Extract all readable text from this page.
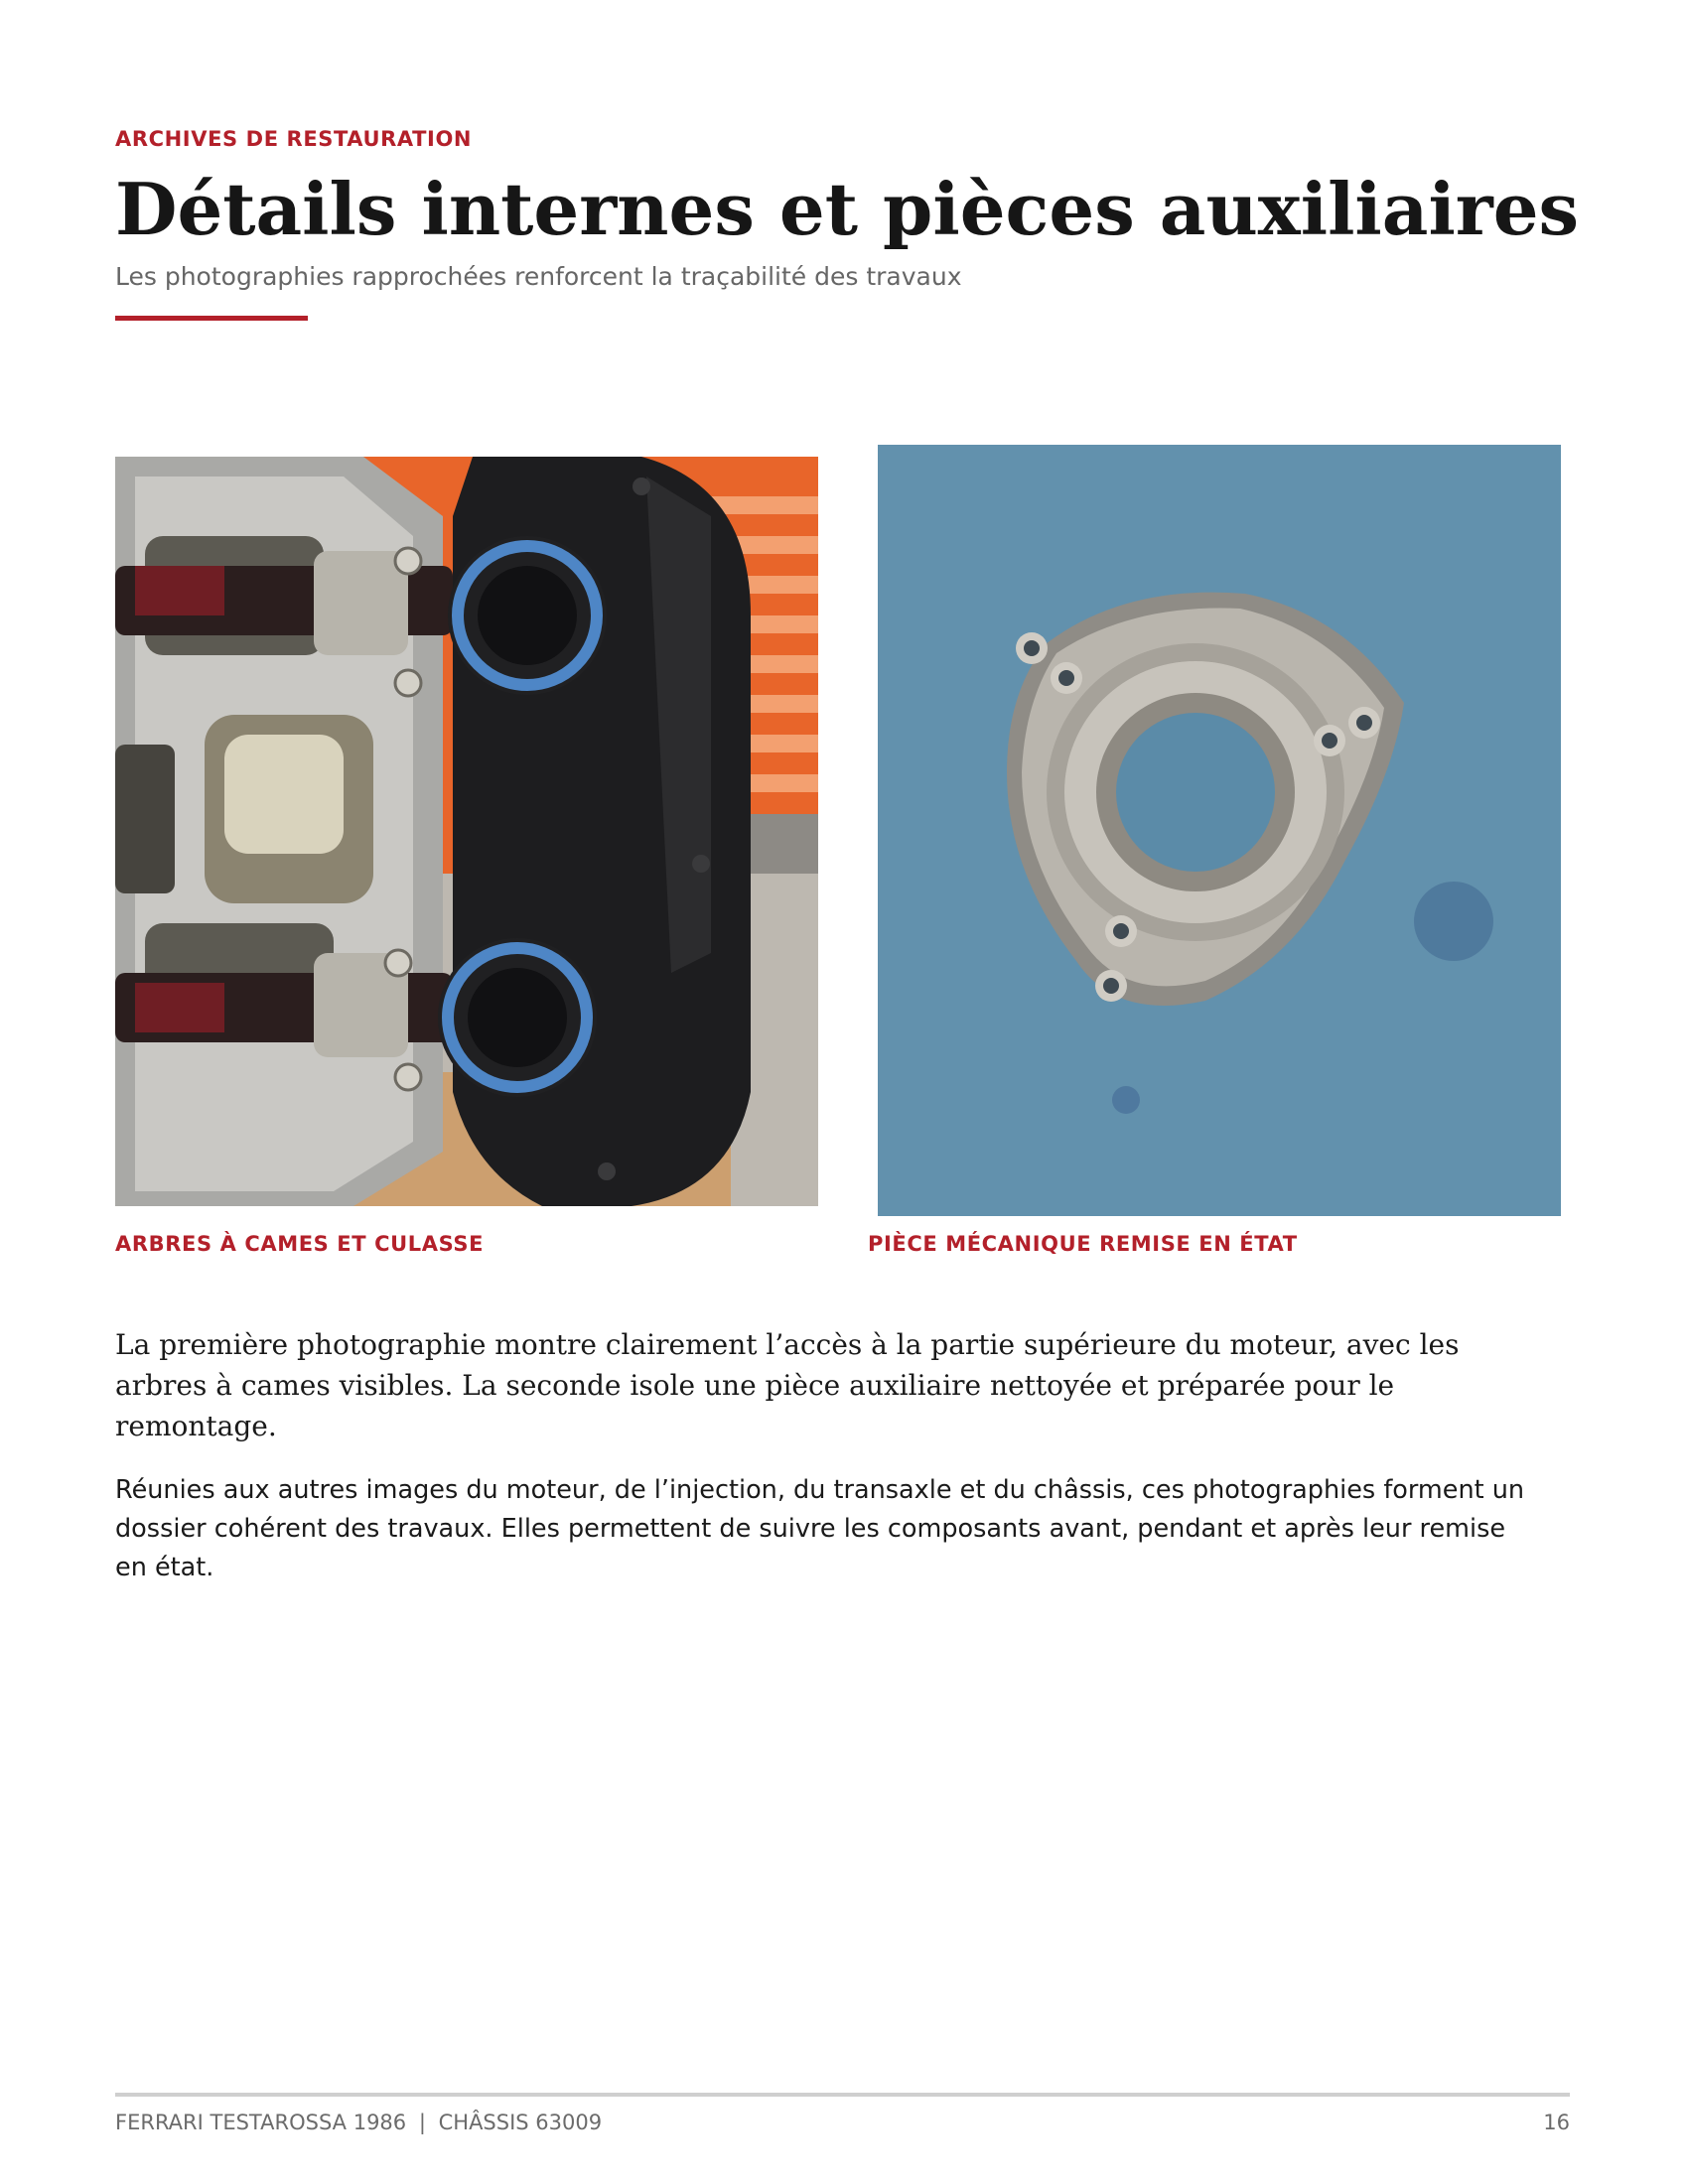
ARCHIVES DE RESTAURATION
Détails internes et pièces auxiliaires
Les photographies rapprochées renforcent la traçabilité des travaux
ARBRES À CAMES ET CULASSE	PIÈCE MÉCANIQUE REMISE EN ÉTAT

La première photographie montre clairement l’accès à la partie supérieure du moteur, avec les arbres à cames visibles. La seconde isole une pièce auxiliaire nettoyée et préparée pour le remontage.

Réunies aux autres images du moteur, de l’injection, du transaxle et du châssis, ces photographies forment un dossier cohérent des travaux. Elles permettent de suivre les composants avant, pendant et après leur remise en état.

FERRARI TESTAROSSA 1986 | CHÂSSIS 63009	16
